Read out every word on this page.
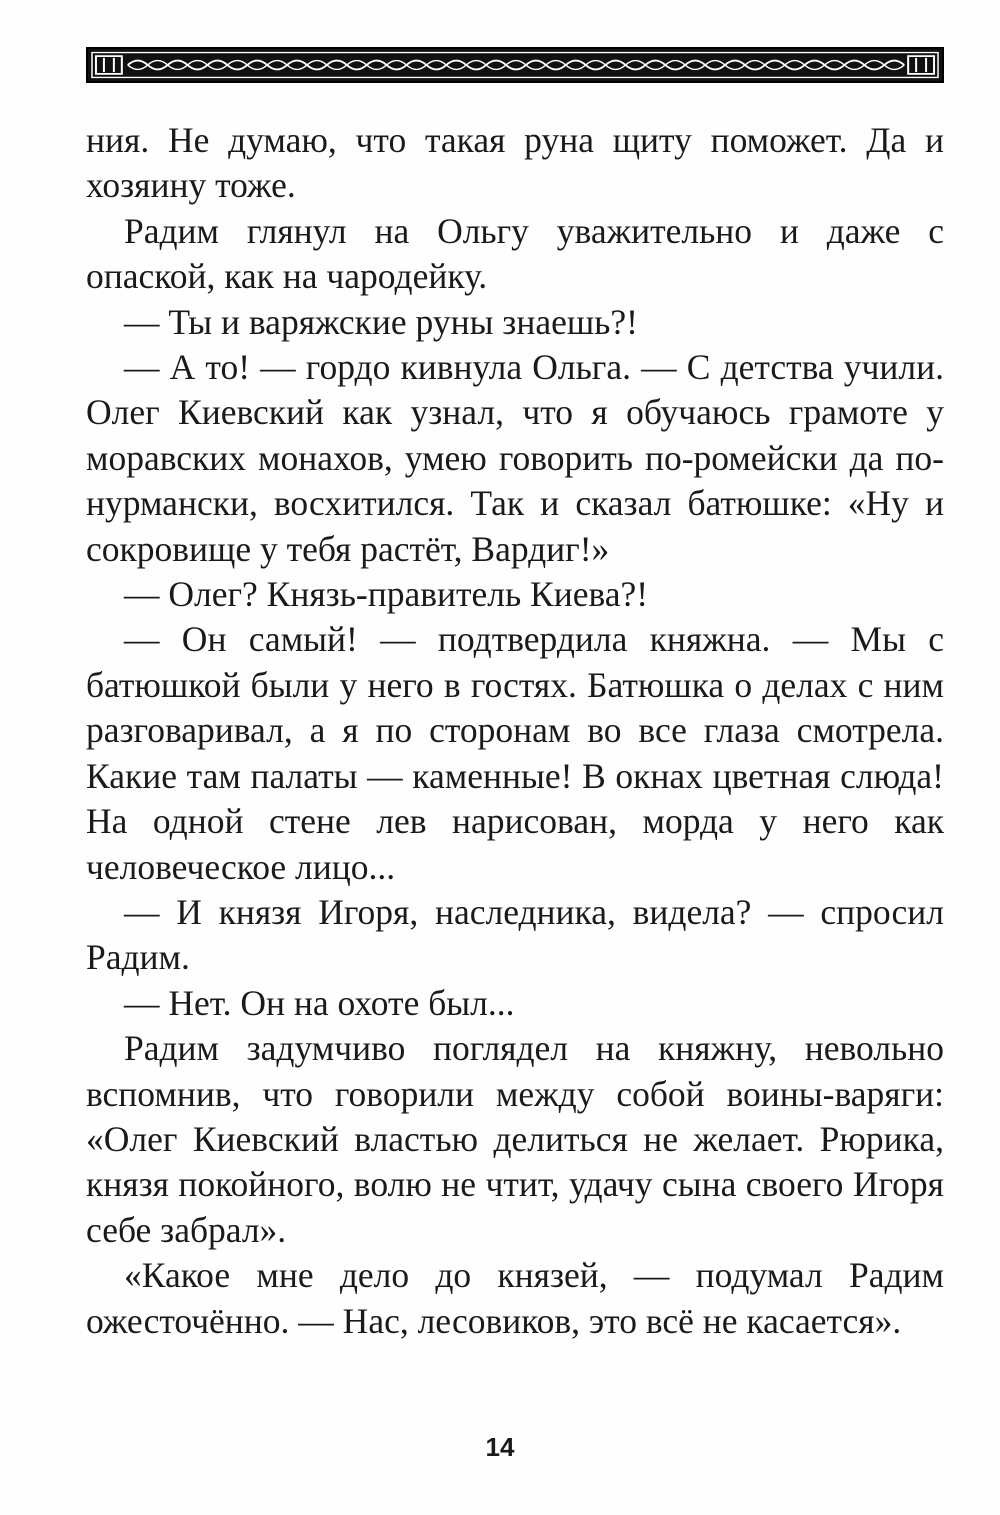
ния. Не думаю, что такая руна щиту поможет. Да и хозяину тоже.

Радим глянул на Ольгу уважительно и даже с опаской, как на чародейку.

— Ты и варяжские руны знаешь?!

— А то! — гордо кивнула Ольга. — С детства учили. Олег Киевский как узнал, что я обучаюсь грамоте у моравских монахов, умею говорить по-ромейски да по-нурмански, восхитился. Так и сказал батюшке: «Ну и сокровище у тебя растёт, Вардиг!»

— Олег? Князь-правитель Киева?!

— Он самый! — подтвердила княжна. — Мы с батюшкой были у него в гостях. Батюшка о делах с ним разговаривал, а я по сторонам во все глаза смотрела. Какие там палаты — каменные! В окнах цветная слюда! На одной стене лев нарисован, морда у него как человеческое лицо...

— И князя Игоря, наследника, видела? — спросил Радим.

— Нет. Он на охоте был...

Радим задумчиво поглядел на княжну, невольно вспомнив, что говорили между собой воины-варяги: «Олег Киевский властью делиться не желает. Рюрика, князя покойного, волю не чтит, удачу сына своего Игоря себе забрал».

«Какое мне дело до князей, — подумал Радим ожесточённо. — Нас, лесовиков, это всё не касается».

14
